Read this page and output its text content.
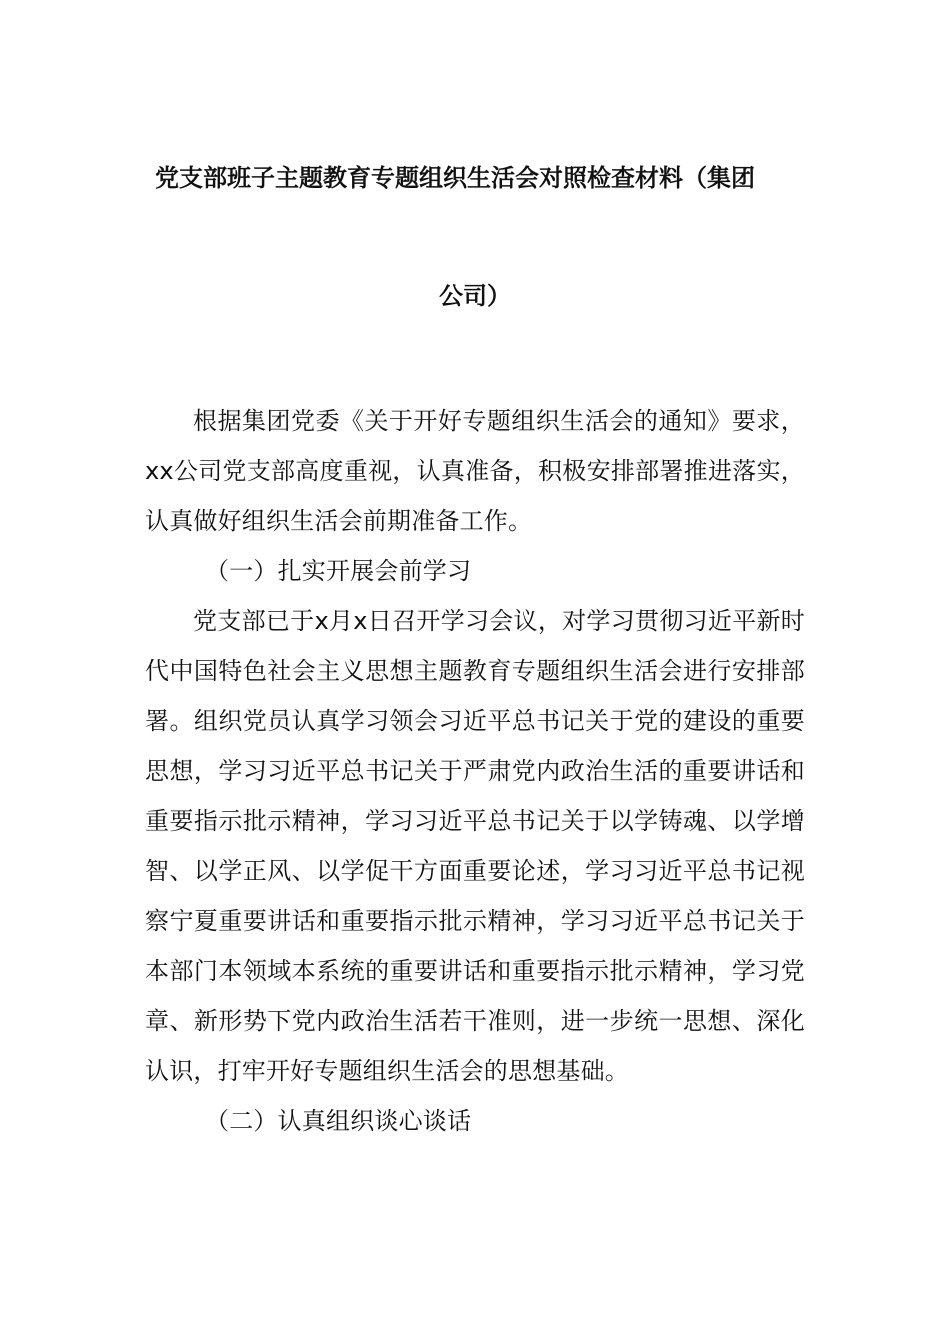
党支部班子主题教育专题组织生活会对照检查材料（集团
公司）

根据集团党委《关于开好专题组织生活会的通知》要求，xx公司党支部高度重视，认真准备，积极安排部署推进落实，认真做好组织生活会前期准备工作。

（一）扎实开展会前学习

党支部已于x月x日召开学习会议，对学习贯彻习近平新时代中国特色社会主义思想主题教育专题组织生活会进行安排部署。组织党员认真学习领会习近平总书记关于党的建设的重要思想，学习习近平总书记关于严肃党内政治生活的重要讲话和重要指示批示精神，学习习近平总书记关于以学铸魂、以学增智、以学正风、以学促干方面重要论述，学习习近平总书记视察宁夏重要讲话和重要指示批示精神，学习习近平总书记关于本部门本领域本系统的重要讲话和重要指示批示精神，学习党章、新形势下党内政治生活若干准则，进一步统一思想、深化认识，打牢开好专题组织生活会的思想基础。

（二）认真组织谈心谈话
